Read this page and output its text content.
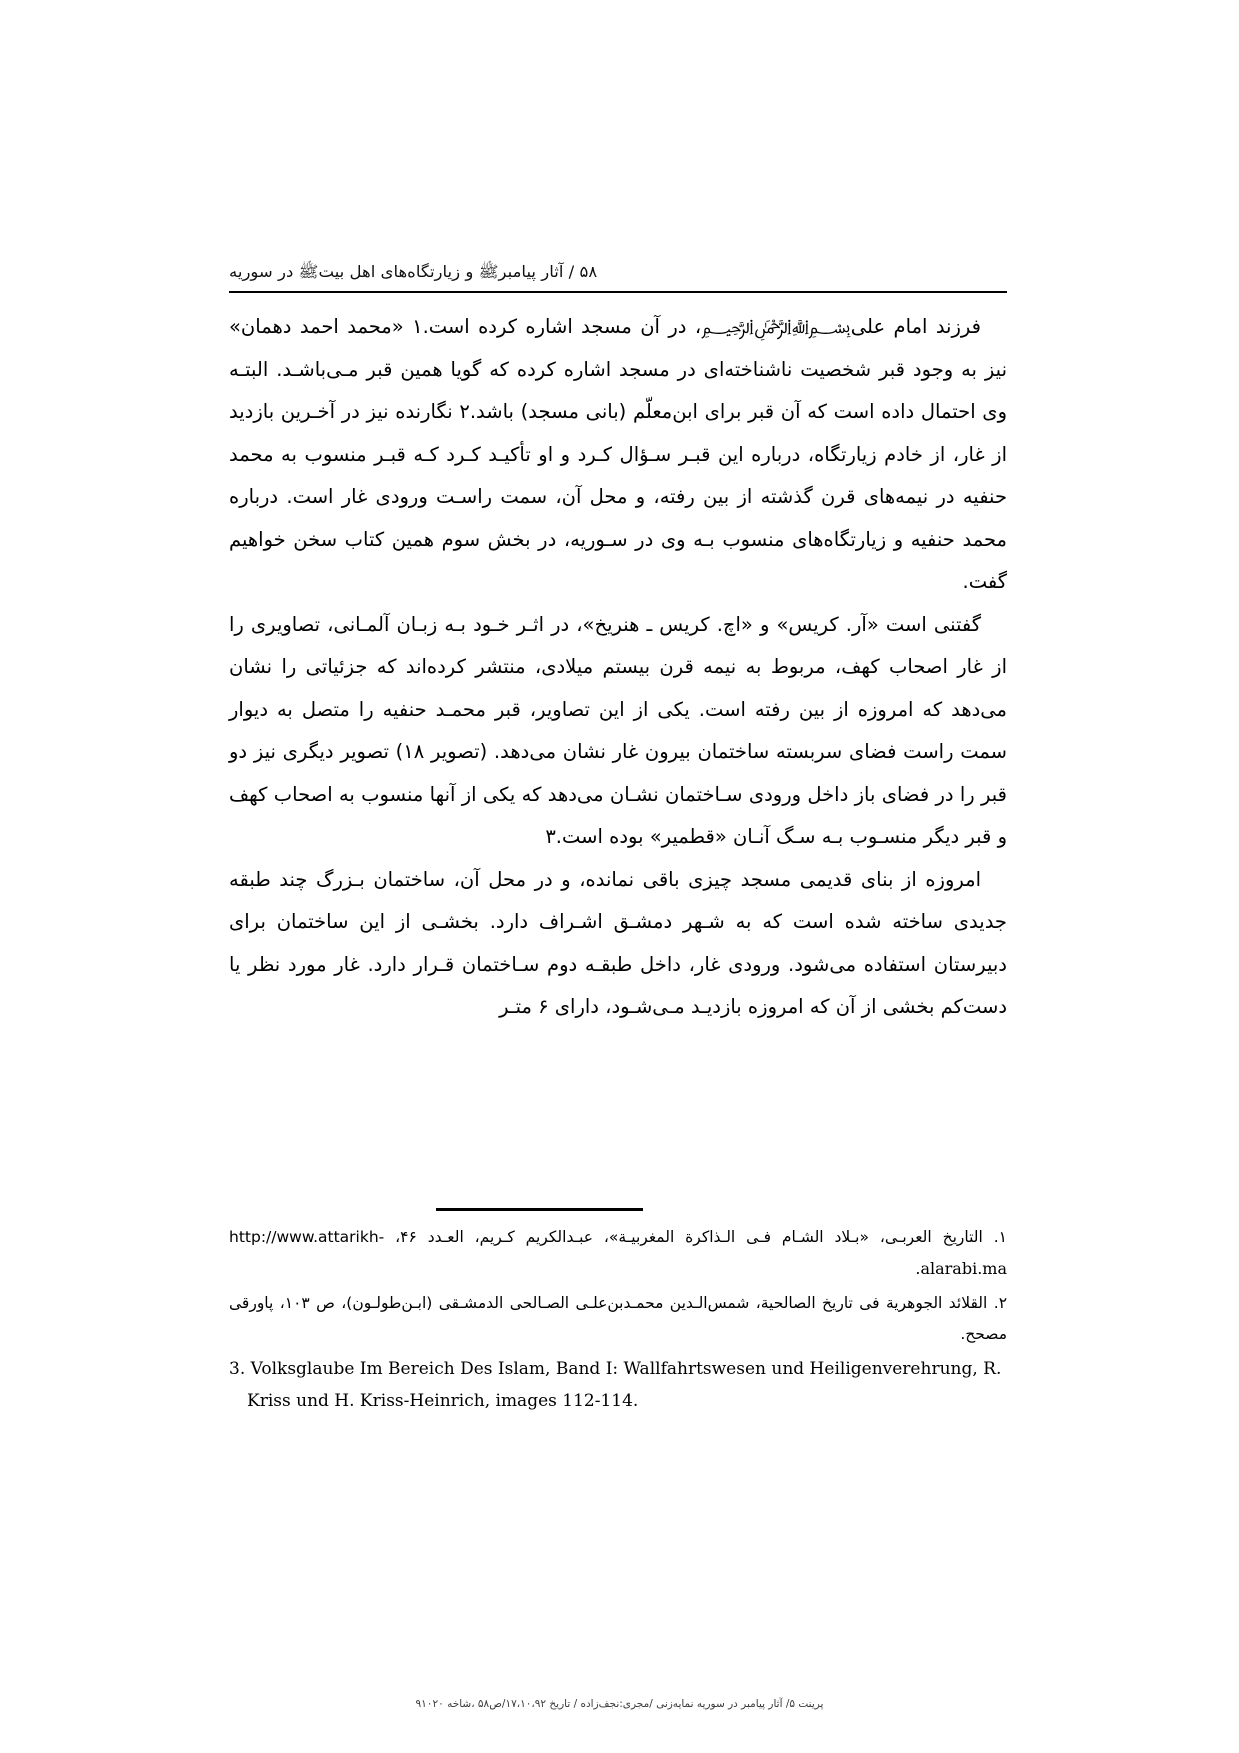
۵۸ / آثار پیامبرﷺ و زیارتگاه‌های اهل بیتﷺ در سوریه

فرزند امام علی﷽، در آن مسجد اشاره کرده است.۱ «محمد احمد دهمان» نیز به وجود قبر شخصیت ناشناخته‌ای در مسجد اشاره کرده که گویا همین قبر مـی‌باشـد. البتـه وی احتمال داده است که آن قبر برای ابن‌معلّم (بانی مسجد) باشد.۲ نگارنده نیز در آخـرین بازدید از غار، از خادم زیارتگاه، درباره این قبـر سـؤال کـرد و او تأکیـد کـرد کـه قبـر منسوب به محمد حنفیه در نیمه‌های قرن گذشته از بین رفته، و محل آن، سمت راسـت ورودی غار است. درباره محمد حنفیه و زیارتگاه‌های منسوب بـه وی در سـوریه، در بخش سوم همین کتاب سخن خواهیم گفت.

گفتنی است «آر. کریس» و «اچ. کریس ـ هنریخ»، در اثـر خـود بـه زبـان آلمـانی، تصاویری را از غار اصحاب کهف، مربوط به نیمه قرن بیستم میلادی، منتشر کرده‌اند که جزئیاتی را نشان می‌دهد که امروزه از بین رفته است. یکی از این تصاویر، قبر محمـد حنفیه را متصل به دیوار سمت راست فضای سربسته ساختمان بیرون غار نشان می‌دهد. (تصویر ۱۸) تصویر دیگری نیز دو قبر را در فضای باز داخل ورودی سـاختمان نشـان می‌دهد که یکی از آنها منسوب به اصحاب کهف و قبر دیگر منسـوب بـه سـگ آنـان «قطمیر» بوده است.۳

امروزه از بنای قدیمی مسجد چیزی باقی نمانده، و در محل آن، ساختمان بـزرگ چند طبقه جدیدی ساخته شده است که به شـهر دمشـق اشـراف دارد. بخشـی از این ساختمان برای دبیرستان استفاده می‌شود. ورودی غار، داخل طبقـه دوم سـاختمان قـرار دارد. غار مورد نظر یا دست‌کم بخشی از آن که امروزه بازدیـد مـی‌شـود، دارای ۶ متـر

۱. التاریخ العربـی، «بـلاد الشـام فـی الـذاکرة المغربیـة»، عبـدالکریم کـریم، العـدد ۴۶، -http://www.attarikh .alarabi.ma

۲. القلائد الجوهریة فی تاریخ الصالحیة، شمس‌الـدین محمـدبن‌علـی الصـالحی الدمشـقی (ابـن‌طولـون)، ص ۱۰۳، پاورقی مصحح.

3. Volksglaube Im Bereich Des Islam, Band I: Wallfahrtswesen und Heiligenverehrung, R. Kriss und H. Kriss-Heinrich, images 112-114.

پرینت ۵/ آثار پیامبر در سوریه نمایه‌زنی /مجری:نجف‌زاده / تاریخ ۱۷،۱۰،۹۲/ص۵۸ ،شاخه ۹۱۰۲۰
